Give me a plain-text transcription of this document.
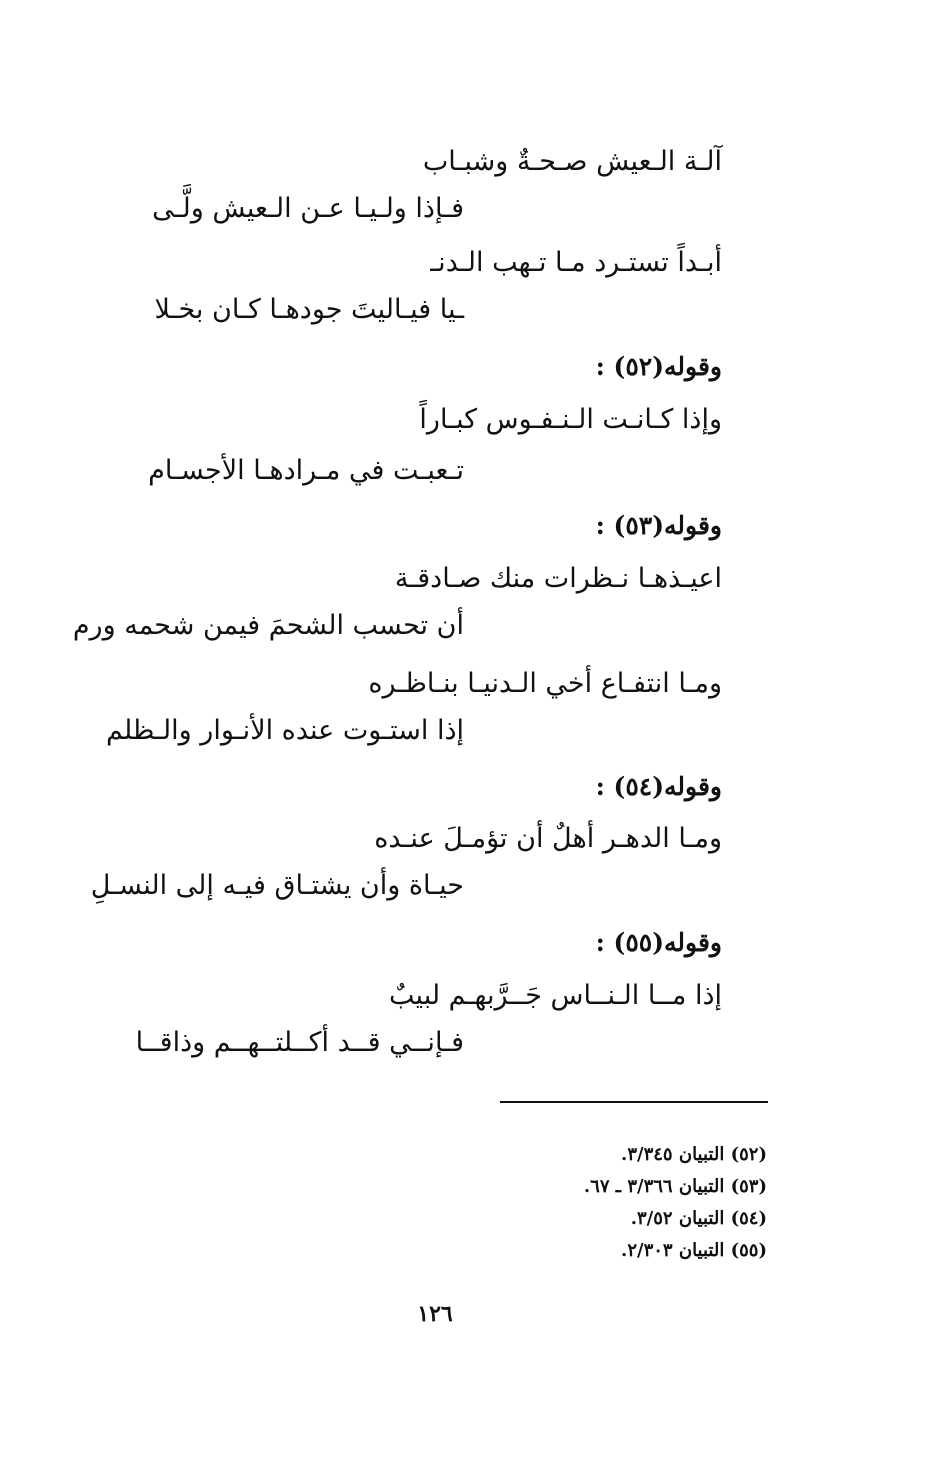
آلـة الـعيش صـحـةٌ وشبـاب
فـإذا ولـيـا عـن الـعيش ولَّـى
أبـداً تستـرد مـا تـهب الـدنـ
ـيا فيـاليتَ جودهـا كـان بخـلا
وقوله(٥٢) :
وإذا كـانـت الـنـفـوس كبـاراً
تـعبـت في مـرادهـا الأجسـام
وقوله(٥٣) :
اعيـذهـا نـظرات منك صـادقـة
أن تحسب الشحمَ فيمن شحمه ورم
ومـا انتفـاع أخي الـدنيـا بنـاظـره
إذا استـوت عنده الأنـوار والـظلم
وقوله(٥٤) :
ومـا الدهـر أهلٌ أن تؤمـلَ عنـده
حيـاة وأن يشتـاق فيـه إلى النسـلِ
وقوله(٥٥) :
إذا مــا الـنــاس جَــرَّبهـم لبيبٌ
فـإنــي قــد أكــلتــهــم وذاقــا
(٥٢) التبيان ٣/٣٤٥.
(٥٣) التبيان ٣/٣٦٦ ـ ٦٧.
(٥٤) التبيان ٣/٥٢.
(٥٥) التبيان ٢/٣٠٣.
١٢٦
